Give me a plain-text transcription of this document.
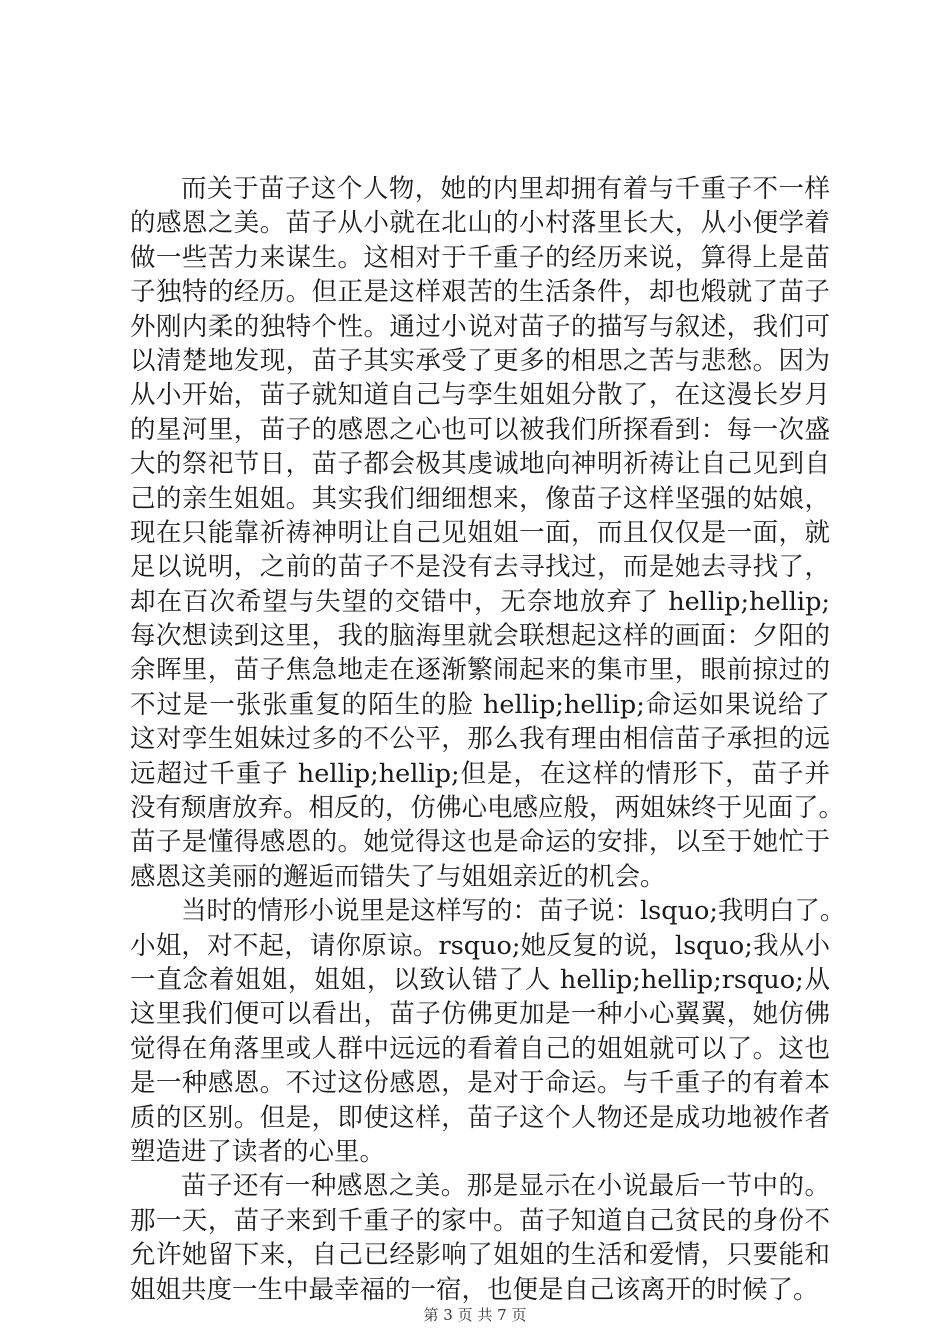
而关于苗子这个人物，她的内里却拥有着与千重子不一样
的感恩之美。苗子从小就在北山的小村落里长大，从小便学着
做一些苦力来谋生。这相对于千重子的经历来说，算得上是苗
子独特的经历。但正是这样艰苦的生活条件，却也煅就了苗子
外刚内柔的独特个性。通过小说对苗子的描写与叙述，我们可
以清楚地发现，苗子其实承受了更多的相思之苦与悲愁。因为
从小开始，苗子就知道自己与孪生姐姐分散了，在这漫长岁月
的星河里，苗子的感恩之心也可以被我们所探看到：每一次盛
大的祭祀节日，苗子都会极其虔诚地向神明祈祷让自己见到自
己的亲生姐姐。其实我们细细想来，像苗子这样坚强的姑娘，
现在只能靠祈祷神明让自己见姐姐一面，而且仅仅是一面，就
足以说明，之前的苗子不是没有去寻找过，而是她去寻找了，
却在百次希望与失望的交错中，无奈地放弃了 hellip;hellip;
每次想读到这里，我的脑海里就会联想起这样的画面：夕阳的
余晖里，苗子焦急地走在逐渐繁闹起来的集市里，眼前掠过的
不过是一张张重复的陌生的脸 hellip;hellip;命运如果说给了
这对孪生姐妹过多的不公平，那么我有理由相信苗子承担的远
远超过千重子 hellip;hellip;但是，在这样的情形下，苗子并
没有颓唐放弃。相反的，仿佛心电感应般，两姐妹终于见面了。
苗子是懂得感恩的。她觉得这也是命运的安排，以至于她忙于
感恩这美丽的邂逅而错失了与姐姐亲近的机会。
当时的情形小说里是这样写的：苗子说：lsquo;我明白了。
小姐，对不起，请你原谅。rsquo;她反复的说，lsquo;我从小
一直念着姐姐，姐姐，以致认错了人 hellip;hellip;rsquo;从
这里我们便可以看出，苗子仿佛更加是一种小心翼翼，她仿佛
觉得在角落里或人群中远远的看着自己的姐姐就可以了。这也
是一种感恩。不过这份感恩，是对于命运。与千重子的有着本
质的区别。但是，即使这样，苗子这个人物还是成功地被作者
塑造进了读者的心里。
苗子还有一种感恩之美。那是显示在小说最后一节中的。
那一天，苗子来到千重子的家中。苗子知道自己贫民的身份不
允许她留下来，自己已经影响了姐姐的生活和爱情，只要能和
姐姐共度一生中最幸福的一宿，也便是自己该离开的时候了。
第 3 页 共 7 页
